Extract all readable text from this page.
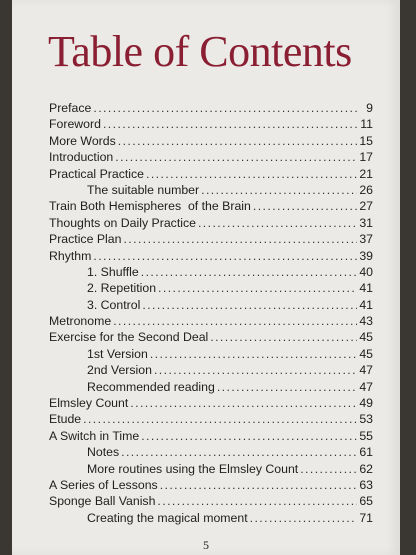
Table of Contents
Preface . . .	9
Foreword . . .	11
More Words . . .	15
Introduction . . .	17
Practical Practice . . .	21
The suitable number . . .	26
Train Both Hemispheres  of the Brain . . .	27
Thoughts on Daily Practice . . .	31
Practice Plan . . .	37
Rhythm . . .	39
1. Shuffle . . .	40
2. Repetition . . .	41
3. Control . . .	41
Metronome . . .	43
Exercise for the Second Deal . . .	45
1st Version . . .	45
2nd Version . . .	47
Recommended reading . . .	47
Elmsley Count . . .	49
Etude . . .	53
A Switch in Time . . .	55
Notes . . .	61
More routines using the Elmsley Count . . .	62
A Series of Lessons . . .	63
Sponge Ball Vanish . . .	65
Creating the magical moment . . .	71
5
